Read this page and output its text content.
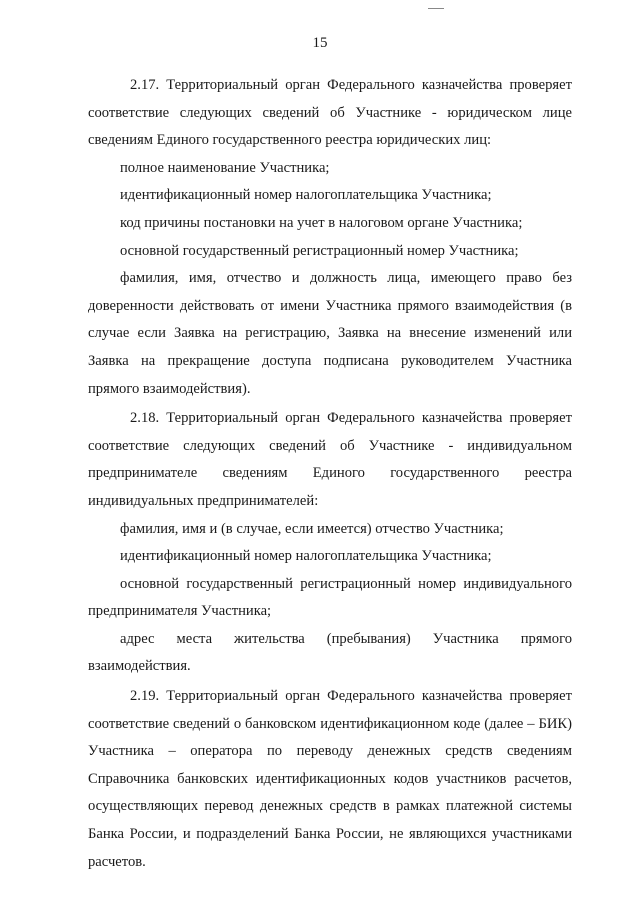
15

2.17. Территориальный орган Федерального казначейства проверяет соответствие следующих сведений об Участнике - юридическом лице сведениям Единого государственного реестра юридических лиц:

полное наименование Участника;

идентификационный номер налогоплательщика Участника;

код причины постановки на учет в налоговом органе Участника;

основной государственный регистрационный номер Участника;

фамилия, имя, отчество и должность лица, имеющего право без доверенности действовать от имени Участника прямого взаимодействия (в случае если Заявка на регистрацию, Заявка на внесение изменений или Заявка на прекращение доступа подписана руководителем Участника прямого взаимодействия).

2.18. Территориальный орган Федерального казначейства проверяет соответствие следующих сведений об Участнике - индивидуальном предпринимателе сведениям Единого государственного реестра индивидуальных предпринимателей:

фамилия, имя и (в случае, если имеется) отчество Участника;

идентификационный номер налогоплательщика Участника;

основной государственный регистрационный номер индивидуального предпринимателя Участника;

адрес места жительства (пребывания) Участника прямого взаимодействия.

2.19. Территориальный орган Федерального казначейства проверяет соответствие сведений о банковском идентификационном коде (далее – БИК) Участника – оператора по переводу денежных средств сведениям Справочника банковских идентификационных кодов участников расчетов, осуществляющих перевод денежных средств в рамках платежной системы Банка России, и подразделений Банка России, не являющихся участниками расчетов.
